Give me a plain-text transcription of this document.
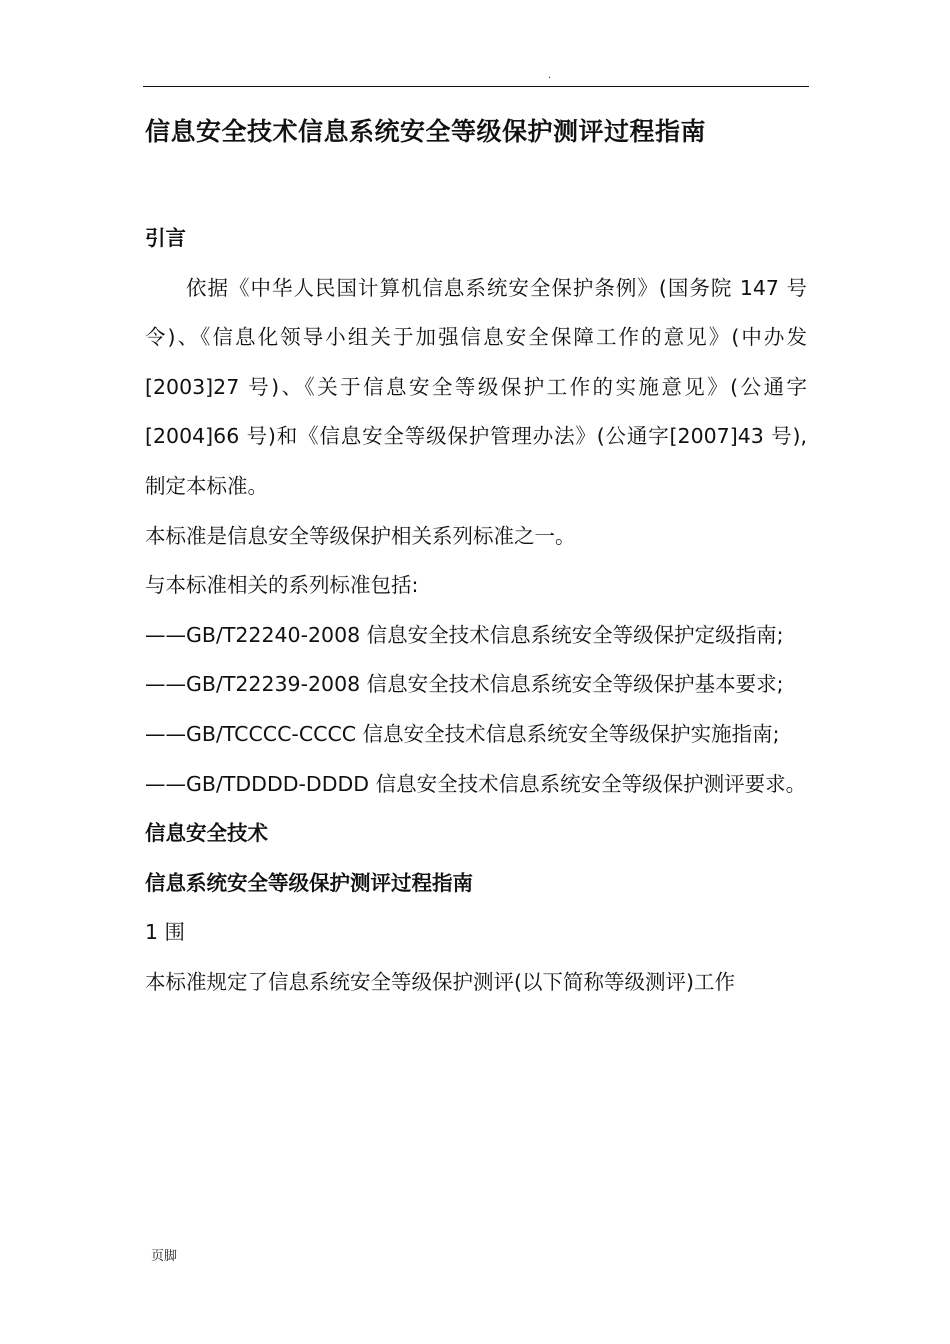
.
信息安全技术信息系统安全等级保护测评过程指南

引言

依据《中华人民国计算机信息系统安全保护条例》(国务院 147 号令)、《信息化领导小组关于加强信息安全保障工作的意见》(中办发[2003]27 号)、《关于信息安全等级保护工作的实施意见》(公通字[2004]66 号)和《信息安全等级保护管理办法》(公通字[2007]43 号),制定本标准。

本标准是信息安全等级保护相关系列标准之一。

与本标准相关的系列标准包括:

——GB/T22240-2008 信息安全技术信息系统安全等级保护定级指南;

——GB/T22239-2008 信息安全技术信息系统安全等级保护基本要求;

——GB/TCCCC-CCCC 信息安全技术信息系统安全等级保护实施指南;

——GB/TDDDD-DDDD 信息安全技术信息系统安全等级保护测评要求。

信息安全技术

信息系统安全等级保护测评过程指南

1 围

本标准规定了信息系统安全等级保护测评(以下简称等级测评)工作

页脚
